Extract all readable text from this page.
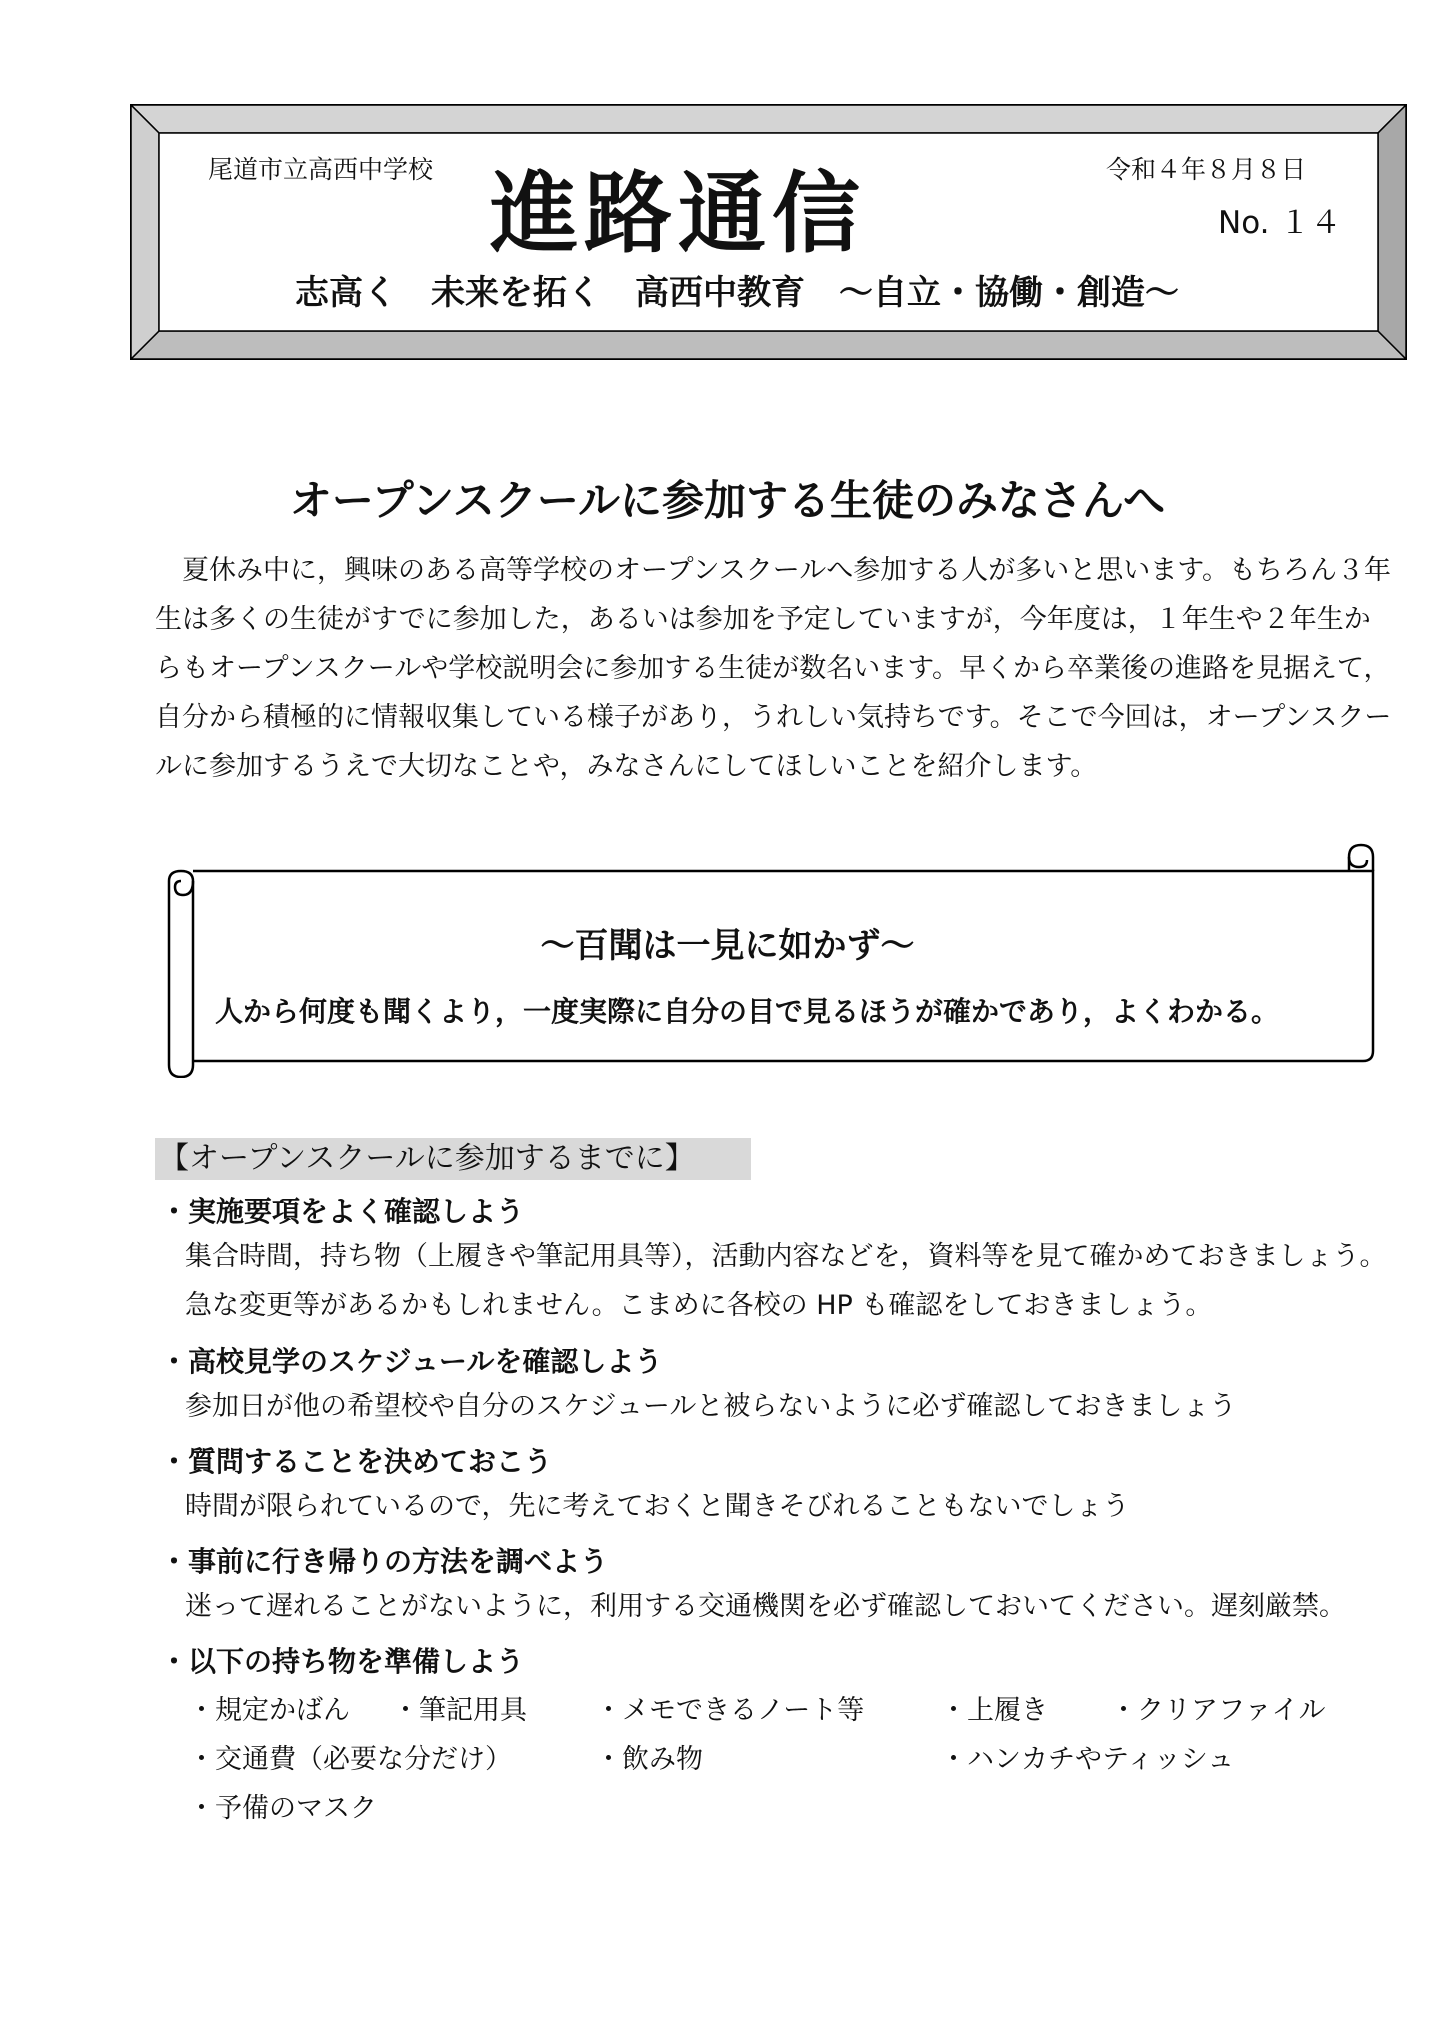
尾道市立高西中学校	令和４年８月８日
進路通信	No. １４
志高く　未来を拓く　高西中教育　～自立・協働・創造～
オープンスクールに参加する生徒のみなさんへ
夏休み中に，興味のある高等学校のオープンスクールへ参加する人が多いと思います。もちろん３年生は多くの生徒がすでに参加した，あるいは参加を予定していますが，今年度は，１年生や２年生からもオープンスクールや学校説明会に参加する生徒が数名います。早くから卒業後の進路を見据えて，自分から積極的に情報収集している様子があり，うれしい気持ちです。そこで今回は，オープンスクールに参加するうえで大切なことや，みなさんにしてほしいことを紹介します。
～百聞は一見に如かず～
人から何度も聞くより，一度実際に自分の目で見るほうが確かであり，よくわかる。
【オープンスクールに参加するまでに】
・実施要項をよく確認しよう
集合時間，持ち物（上履きや筆記用具等），活動内容などを，資料等を見て確かめておきましょう。急な変更等があるかもしれません。こまめに各校の HP も確認をしておきましょう。
・高校見学のスケジュールを確認しよう
参加日が他の希望校や自分のスケジュールと被らないように必ず確認しておきましょう
・質問することを決めておこう
時間が限られているので，先に考えておくと聞きそびれることもないでしょう
・事前に行き帰りの方法を調べよう
迷って遅れることがないように，利用する交通機関を必ず確認しておいてください。遅刻厳禁。
・以下の持ち物を準備しよう
・規定かばん ・筆記用具	・メモできるノート等	・上履き ・クリアファイル
・交通費（必要な分だけ）	・飲み物	・ハンカチやティッシュ
・予備のマスク
